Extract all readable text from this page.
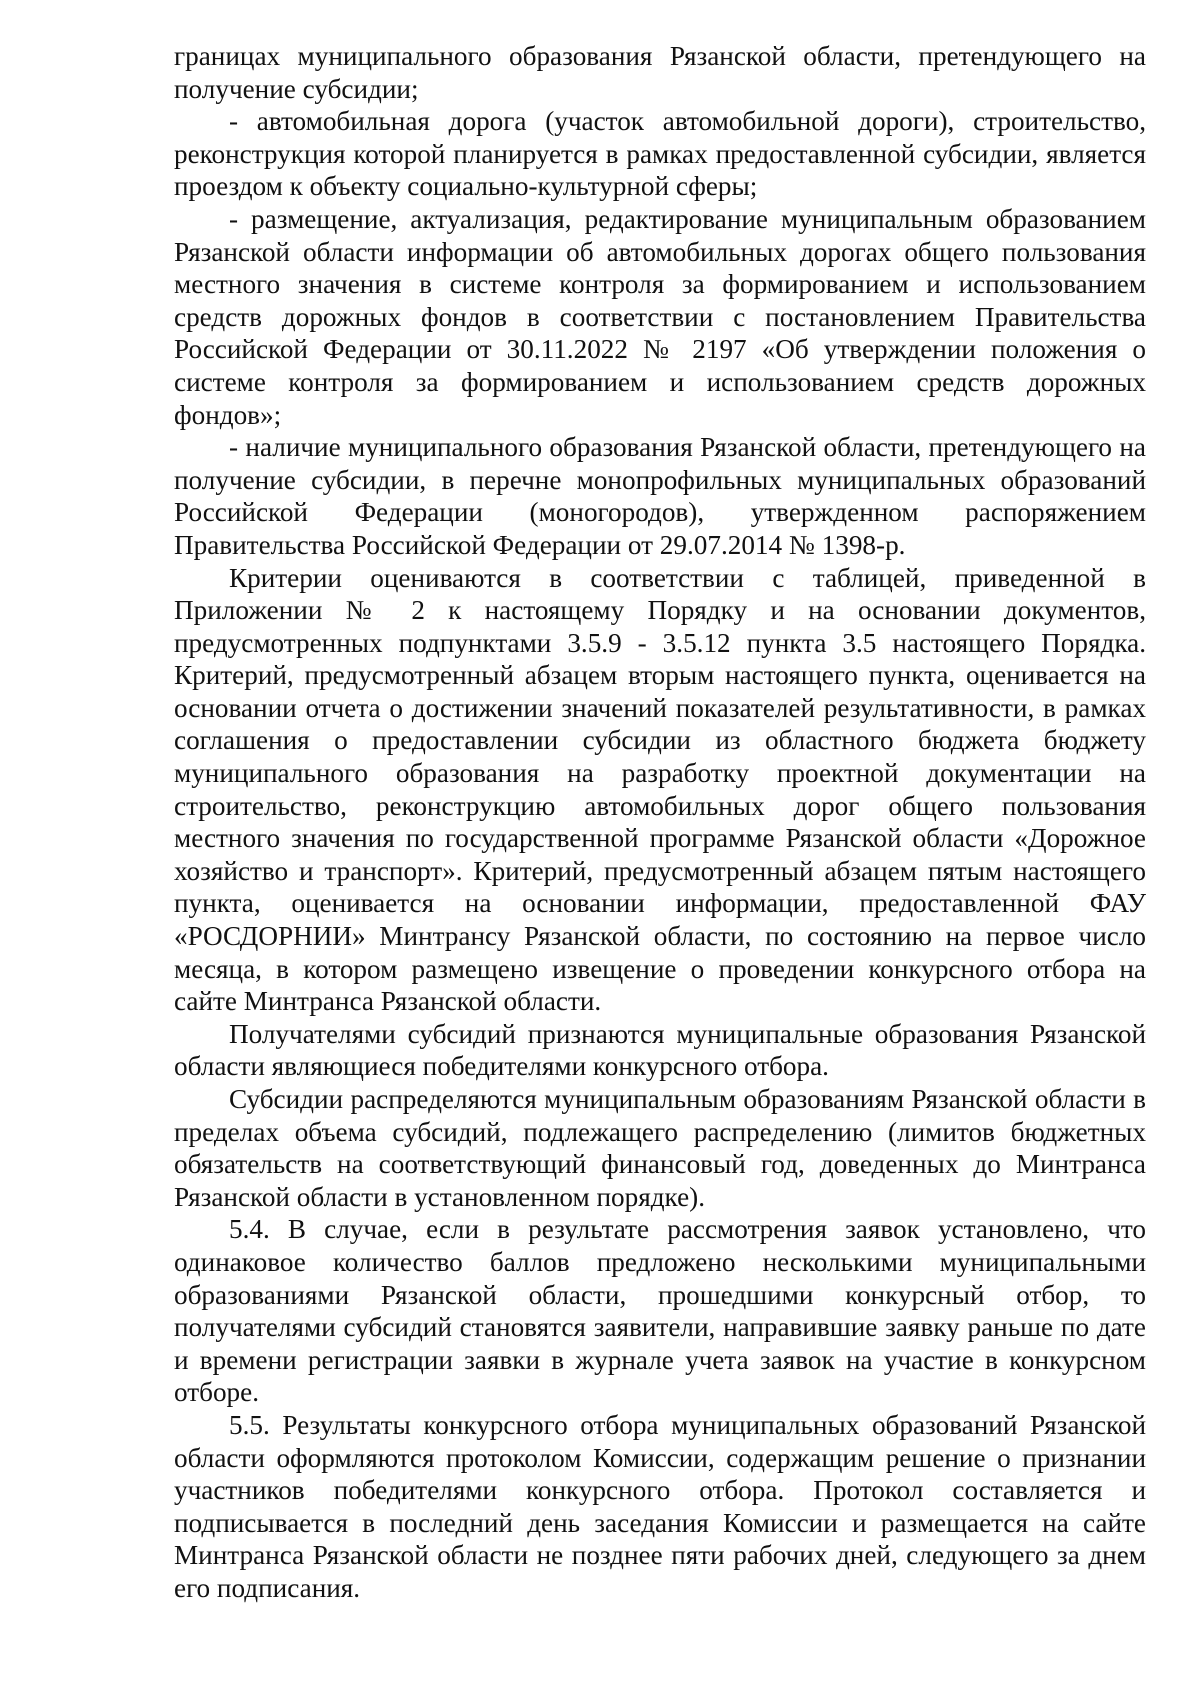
границах муниципального образования Рязанской области, претендующего на получение субсидии;

- автомобильная дорога (участок автомобильной дороги), строительство, реконструкция которой планируется в рамках предоставленной субсидии, является проездом к объекту социально-культурной сферы;

- размещение, актуализация, редактирование муниципальным образованием Рязанской области информации об автомобильных дорогах общего пользования местного значения в системе контроля за формированием и использованием средств дорожных фондов в соответствии с постановлением Правительства Российской Федерации от 30.11.2022 № 2197 «Об утверждении положения о системе контроля за формированием и использованием средств дорожных фондов»;

- наличие муниципального образования Рязанской области, претендующего на получение субсидии, в перечне монопрофильных муниципальных образований Российской Федерации (моногородов), утвержденном распоряжением Правительства Российской Федерации от 29.07.2014 № 1398-р.

Критерии оцениваются в соответствии с таблицей, приведенной в Приложении № 2 к настоящему Порядку и на основании документов, предусмотренных подпунктами 3.5.9 - 3.5.12 пункта 3.5 настоящего Порядка. Критерий, предусмотренный абзацем вторым настоящего пункта, оценивается на основании отчета о достижении значений показателей результативности, в рамках соглашения о предоставлении субсидии из областного бюджета бюджету муниципального образования на разработку проектной документации на строительство, реконструкцию автомобильных дорог общего пользования местного значения по государственной программе Рязанской области «Дорожное хозяйство и транспорт». Критерий, предусмотренный абзацем пятым настоящего пункта, оценивается на основании информации, предоставленной ФАУ «РОСДОРНИИ» Минтрансу Рязанской области, по состоянию на первое число месяца, в котором размещено извещение о проведении конкурсного отбора на сайте Минтранса Рязанской области.

Получателями субсидий признаются муниципальные образования Рязанской области являющиеся победителями конкурсного отбора.

Субсидии распределяются муниципальным образованиям Рязанской области в пределах объема субсидий, подлежащего распределению (лимитов бюджетных обязательств на соответствующий финансовый год, доведенных до Минтранса Рязанской области в установленном порядке).

5.4. В случае, если в результате рассмотрения заявок установлено, что одинаковое количество баллов предложено несколькими муниципальными образованиями Рязанской области, прошедшими конкурсный отбор, то получателями субсидий становятся заявители, направившие заявку раньше по дате и времени регистрации заявки в журнале учета заявок на участие в конкурсном отборе.

5.5. Результаты конкурсного отбора муниципальных образований Рязанской области оформляются протоколом Комиссии, содержащим решение о признании участников победителями конкурсного отбора. Протокол составляется и подписывается в последний день заседания Комиссии и размещается на сайте Минтранса Рязанской области не позднее пяти рабочих дней, следующего за днем его подписания.
